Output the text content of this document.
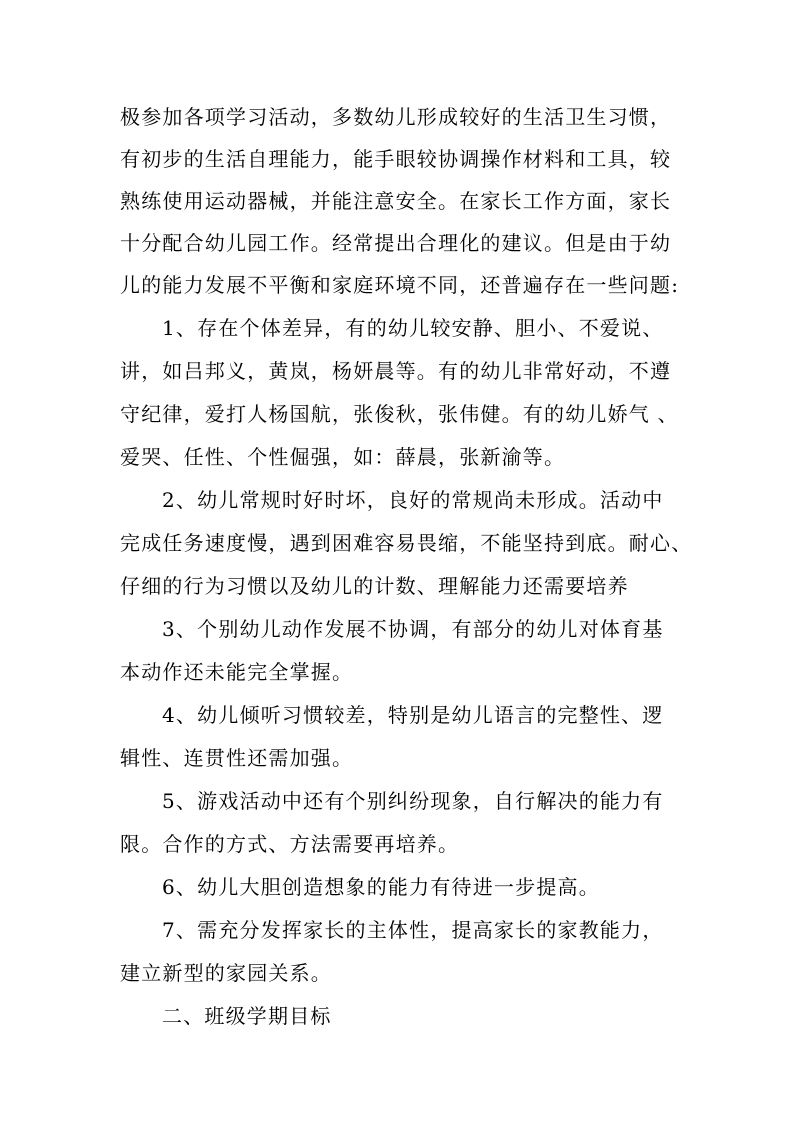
极参加各项学习活动，多数幼儿形成较好的生活卫生习惯，
有初步的生活自理能力，能手眼较协调操作材料和工具，较
熟练使用运动器械，并能注意安全。在家长工作方面，家长
十分配合幼儿园工作。经常提出合理化的建议。但是由于幼
儿的能力发展不平衡和家庭环境不同，还普遍存在一些问题:
1、存在个体差异，有的幼儿较安静、胆小、不爱说、
讲，如吕邦义，黄岚，杨妍晨等。有的幼儿非常好动，不遵
守纪律，爱打人杨国航，张俊秋，张伟健。有的幼儿娇气 、
爱哭、任性、个性倔强，如：薛晨，张新渝等。
2、幼儿常规时好时坏，良好的常规尚未形成。活动中
完成任务速度慢，遇到困难容易畏缩，不能坚持到底。耐心、
仔细的行为习惯以及幼儿的计数、理解能力还需要培养
3、个别幼儿动作发展不协调，有部分的幼儿对体育基
本动作还未能完全掌握。
4、幼儿倾听习惯较差，特别是幼儿语言的完整性、逻
辑性、连贯性还需加强。
5、游戏活动中还有个别纠纷现象，自行解决的能力有
限。合作的方式、方法需要再培养。
6、幼儿大胆创造想象的能力有待进一步提高。
7、需充分发挥家长的主体性，提高家长的家教能力，
建立新型的家园关系。
二、班级学期目标
